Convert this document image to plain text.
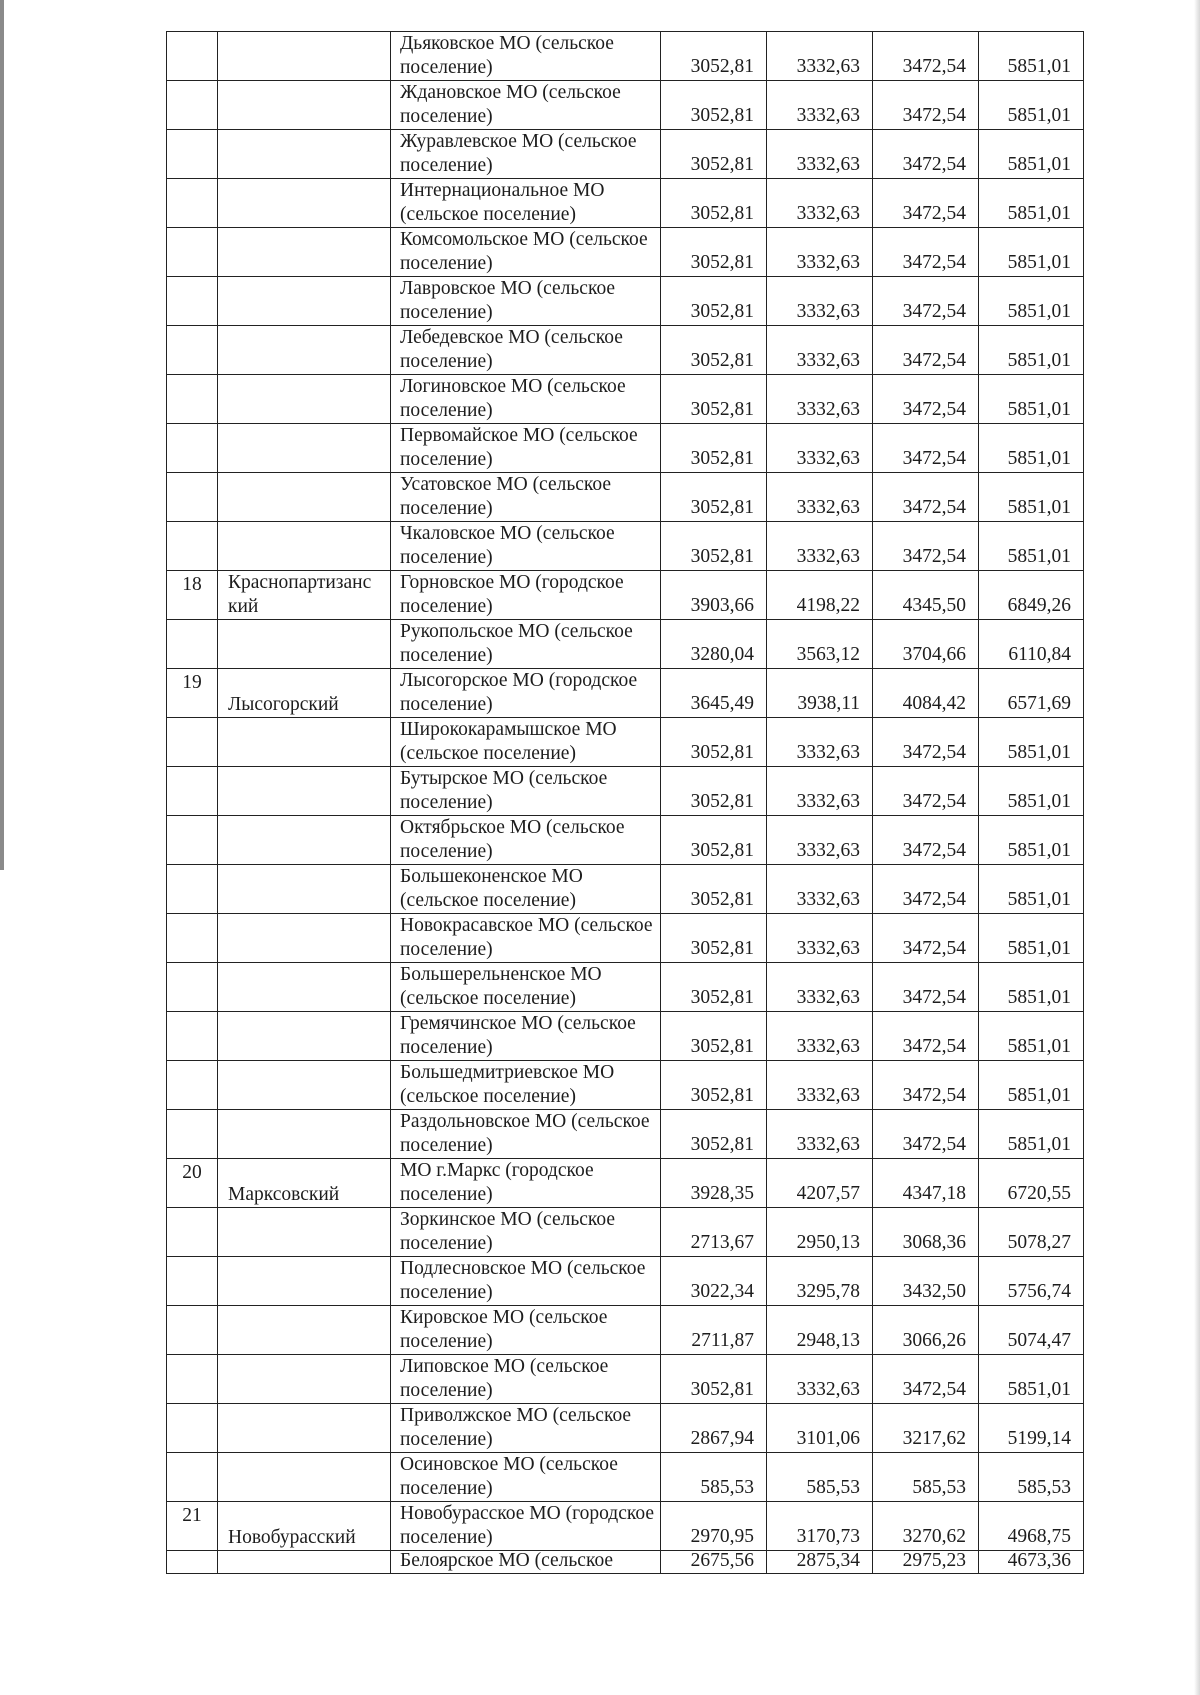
		Дьяковское МО (сельское поселение)	3052,81	3332,63	3472,54	5851,01
		Ждановское МО (сельское поселение)	3052,81	3332,63	3472,54	5851,01
		Журавлевское МО (сельское поселение)	3052,81	3332,63	3472,54	5851,01
		Интернациональное МО (сельское поселение)	3052,81	3332,63	3472,54	5851,01
		Комсомольское МО (сельское поселение)	3052,81	3332,63	3472,54	5851,01
		Лавровское МО (сельское поселение)	3052,81	3332,63	3472,54	5851,01
		Лебедевское МО (сельское поселение)	3052,81	3332,63	3472,54	5851,01
		Логиновское МО (сельское поселение)	3052,81	3332,63	3472,54	5851,01
		Первомайское МО (сельское поселение)	3052,81	3332,63	3472,54	5851,01
		Усатовское МО (сельское поселение)	3052,81	3332,63	3472,54	5851,01
		Чкаловское МО (сельское поселение)	3052,81	3332,63	3472,54	5851,01
18	Краснопартизанс кий	Горновское МО (городское поселение)	3903,66	4198,22	4345,50	6849,26
		Рукопольское МО (сельское поселение)	3280,04	3563,12	3704,66	6110,84
19	Лысогорский	Лысогорское МО (городское поселение)	3645,49	3938,11	4084,42	6571,69
		Ширококарамышское МО (сельское поселение)	3052,81	3332,63	3472,54	5851,01
		Бутырское МО (сельское поселение)	3052,81	3332,63	3472,54	5851,01
		Октябрьское МО (сельское поселение)	3052,81	3332,63	3472,54	5851,01
		Большеконенское МО (сельское поселение)	3052,81	3332,63	3472,54	5851,01
		Новокрасавское МО (сельское поселение)	3052,81	3332,63	3472,54	5851,01
		Большерельненское МО (сельское поселение)	3052,81	3332,63	3472,54	5851,01
		Гремячинское МО (сельское поселение)	3052,81	3332,63	3472,54	5851,01
		Большедмитриевское МО (сельское поселение)	3052,81	3332,63	3472,54	5851,01
		Раздольновское МО (сельское поселение)	3052,81	3332,63	3472,54	5851,01
20	Марксовский	МО г.Маркс (городское поселение)	3928,35	4207,57	4347,18	6720,55
		Зоркинское МО (сельское поселение)	2713,67	2950,13	3068,36	5078,27
		Подлесновское МО (сельское поселение)	3022,34	3295,78	3432,50	5756,74
		Кировское МО (сельское поселение)	2711,87	2948,13	3066,26	5074,47
		Липовское МО (сельское поселение)	3052,81	3332,63	3472,54	5851,01
		Приволжское МО (сельское поселение)	2867,94	3101,06	3217,62	5199,14
		Осиновское МО (сельское поселение)	585,53	585,53	585,53	585,53
21	Новобурасский	Новобурасское МО (городское поселение)	2970,95	3170,73	3270,62	4968,75
		Белоярское МО (сельское	2675,56	2875,34	2975,23	4673,36
